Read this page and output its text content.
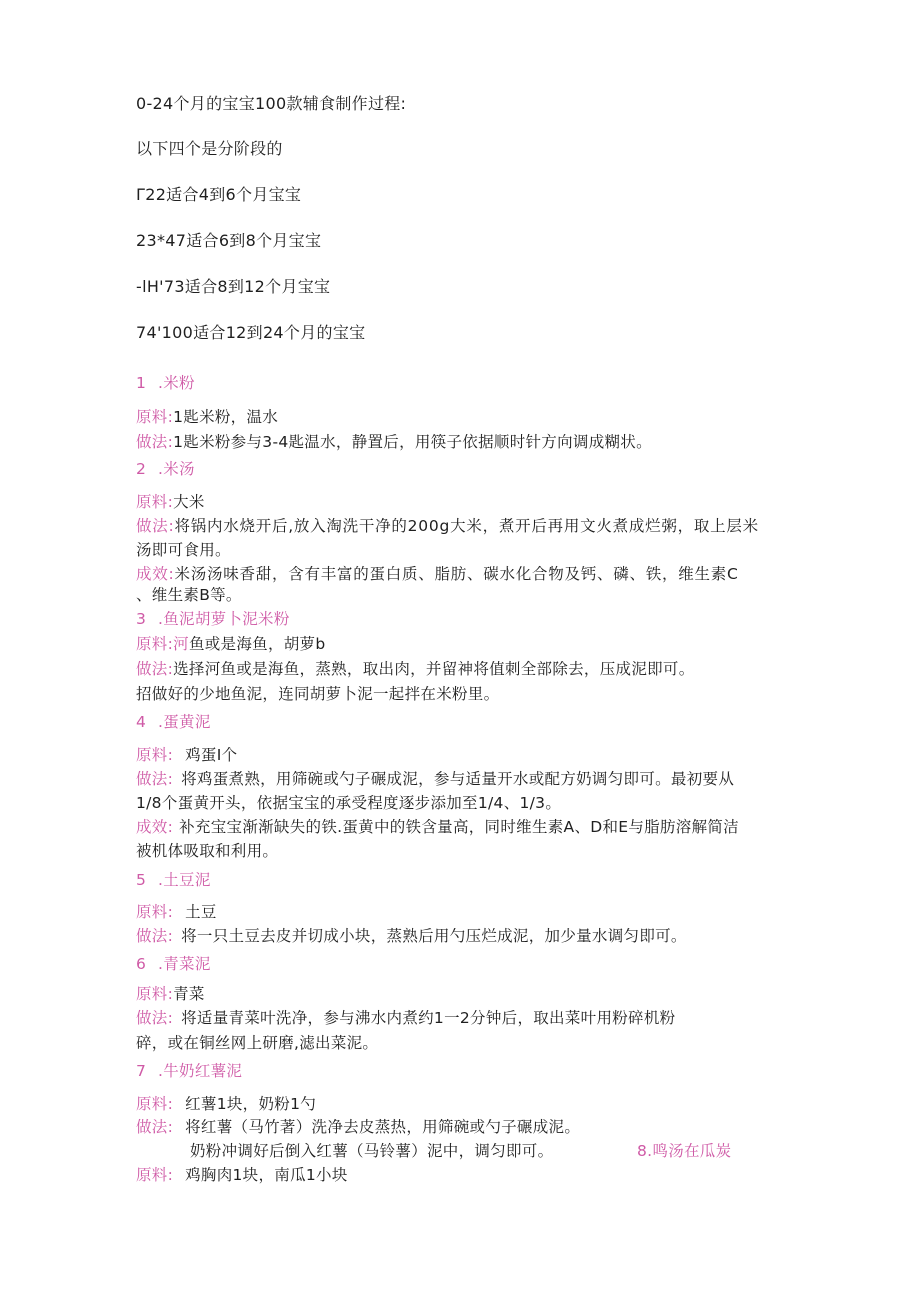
0-24个月的宝宝100款辅食制作过程:
以下四个是分阶段的
Γ22适合4到6个月宝宝
23*47适合6到8个月宝宝
-lH'73适合8到12个月宝宝
74'100适合12到24个月的宝宝
1 .米粉
原料:1匙米粉，温水
做法:1匙米粉参与3-4匙温水，静置后，用筷子依据顺时针方向调成糊状。
2 .米汤
原料:大米
做法:将锅内水烧开后,放入淘洗干净的200g大米，煮开后再用文火煮成烂粥，取上层米
汤即可食用。
成效:米汤汤味香甜，含有丰富的蛋白质、脂肪、碳水化合物及钙、磷、铁，维生素C
、维生素B等。
3 .鱼泥胡萝卜泥米粉
原料:河鱼或是海鱼，胡萝b
做法:选择河鱼或是海鱼，蒸熟，取出肉，并留神将值刺全部除去，压成泥即可。
招做好的少地鱼泥，连同胡萝卜泥一起拌在米粉里。
4 .蛋黄泥
原料: 鸡蛋I个
做法: 将鸡蛋煮熟，用筛碗或勺子碾成泥，参与适量开水或配方奶调匀即可。最初要从
1/8个蛋黄开头，依据宝宝的承受程度逐步添加至1/4、1/3。
成效: 补充宝宝渐渐缺失的铁.蛋黄中的铁含量高，同时维生素A、D和E与脂肪溶解简洁
被机体吸取和利用。
5 .土豆泥
原料: 土豆
做法: 将一只土豆去皮并切成小块，蒸熟后用勺压烂成泥，加少量水调匀即可。
6 .青菜泥
原料:青菜
做法: 将适量青菜叶洗净，参与沸水内煮约1一2分钟后，取出菜叶用粉碎机粉
碎，或在铜丝网上研磨,滤出菜泥。
7 .牛奶红薯泥
原料: 红薯1块，奶粉1勺
做法: 将红薯（马竹著）洗净去皮蒸热，用筛碗或勺子碾成泥。
奶粉冲调好后倒入红薯（马铃薯）泥中，调匀即可。	8.鸣汤在瓜炭
原料: 鸡胸肉1块，南瓜1小块
